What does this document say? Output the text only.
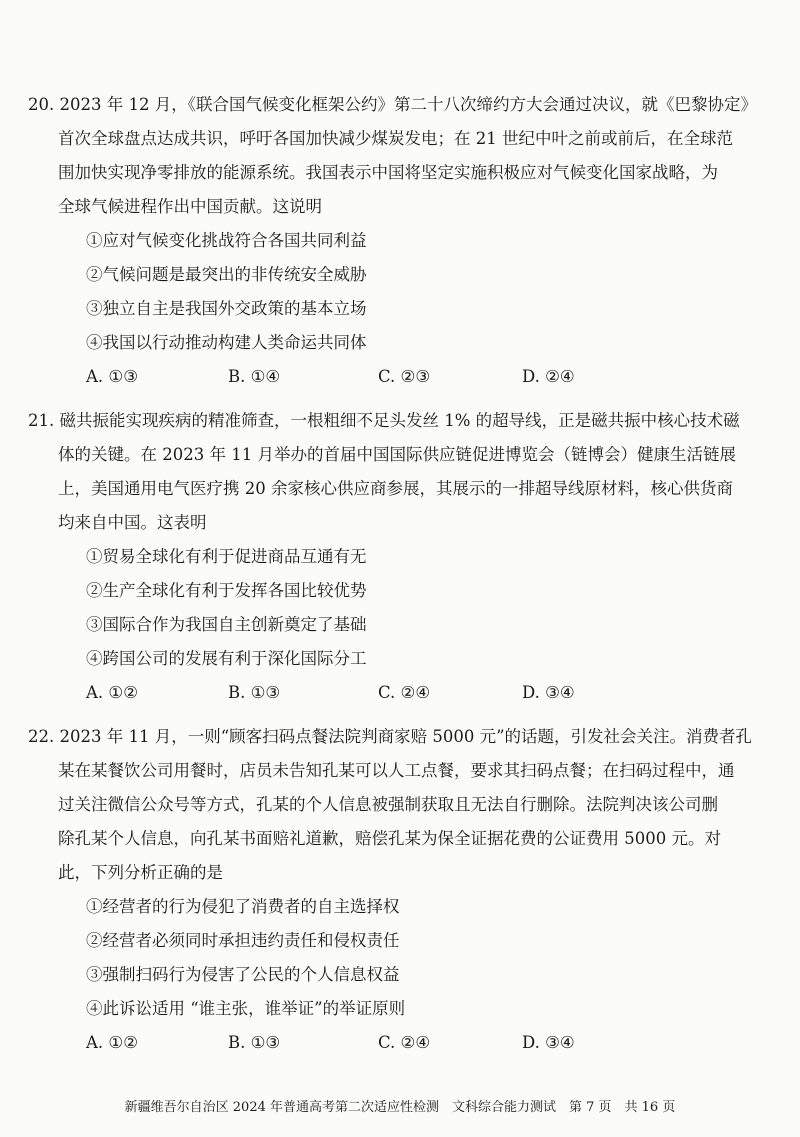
20. 2023 年 12 月，《联合国气候变化框架公约》第二十八次缔约方大会通过决议，就《巴黎协定》
首次全球盘点达成共识，呼吁各国加快减少煤炭发电；在 21 世纪中叶之前或前后，在全球范
围加快实现净零排放的能源系统。我国表示中国将坚定实施积极应对气候变化国家战略，为
全球气候进程作出中国贡献。这说明
①应对气候变化挑战符合各国共同利益
②气候问题是最突出的非传统安全威胁
③独立自主是我国外交政策的基本立场
④我国以行动推动构建人类命运共同体
A. ①③	B. ①④	C. ②③	D. ②④
21. 磁共振能实现疾病的精准筛查，一根粗细不足头发丝 1% 的超导线，正是磁共振中核心技术磁
体的关键。在 2023 年 11 月举办的首届中国国际供应链促进博览会（链博会）健康生活链展
上，美国通用电气医疗携 20 余家核心供应商参展，其展示的一排超导线原材料，核心供货商
均来自中国。这表明
①贸易全球化有利于促进商品互通有无
②生产全球化有利于发挥各国比较优势
③国际合作为我国自主创新奠定了基础
④跨国公司的发展有利于深化国际分工
A. ①②	B. ①③	C. ②④	D. ③④
22. 2023 年 11 月，一则“顾客扫码点餐法院判商家赔 5000 元”的话题，引发社会关注。消费者孔
某在某餐饮公司用餐时，店员未告知孔某可以人工点餐，要求其扫码点餐；在扫码过程中，通
过关注微信公众号等方式，孔某的个人信息被强制获取且无法自行删除。法院判决该公司删
除孔某个人信息，向孔某书面赔礼道歉，赔偿孔某为保全证据花费的公证费用 5000 元。对
此，下列分析正确的是
①经营者的行为侵犯了消费者的自主选择权
②经营者必须同时承担违约责任和侵权责任
③强制扫码行为侵害了公民的个人信息权益
④此诉讼适用 “谁主张，谁举证”的举证原则
A. ①②	B. ①③	C. ②④	D. ③④
新疆维吾尔自治区 2024 年普通高考第二次适应性检测　文科综合能力测试　第 7 页　共 16 页
